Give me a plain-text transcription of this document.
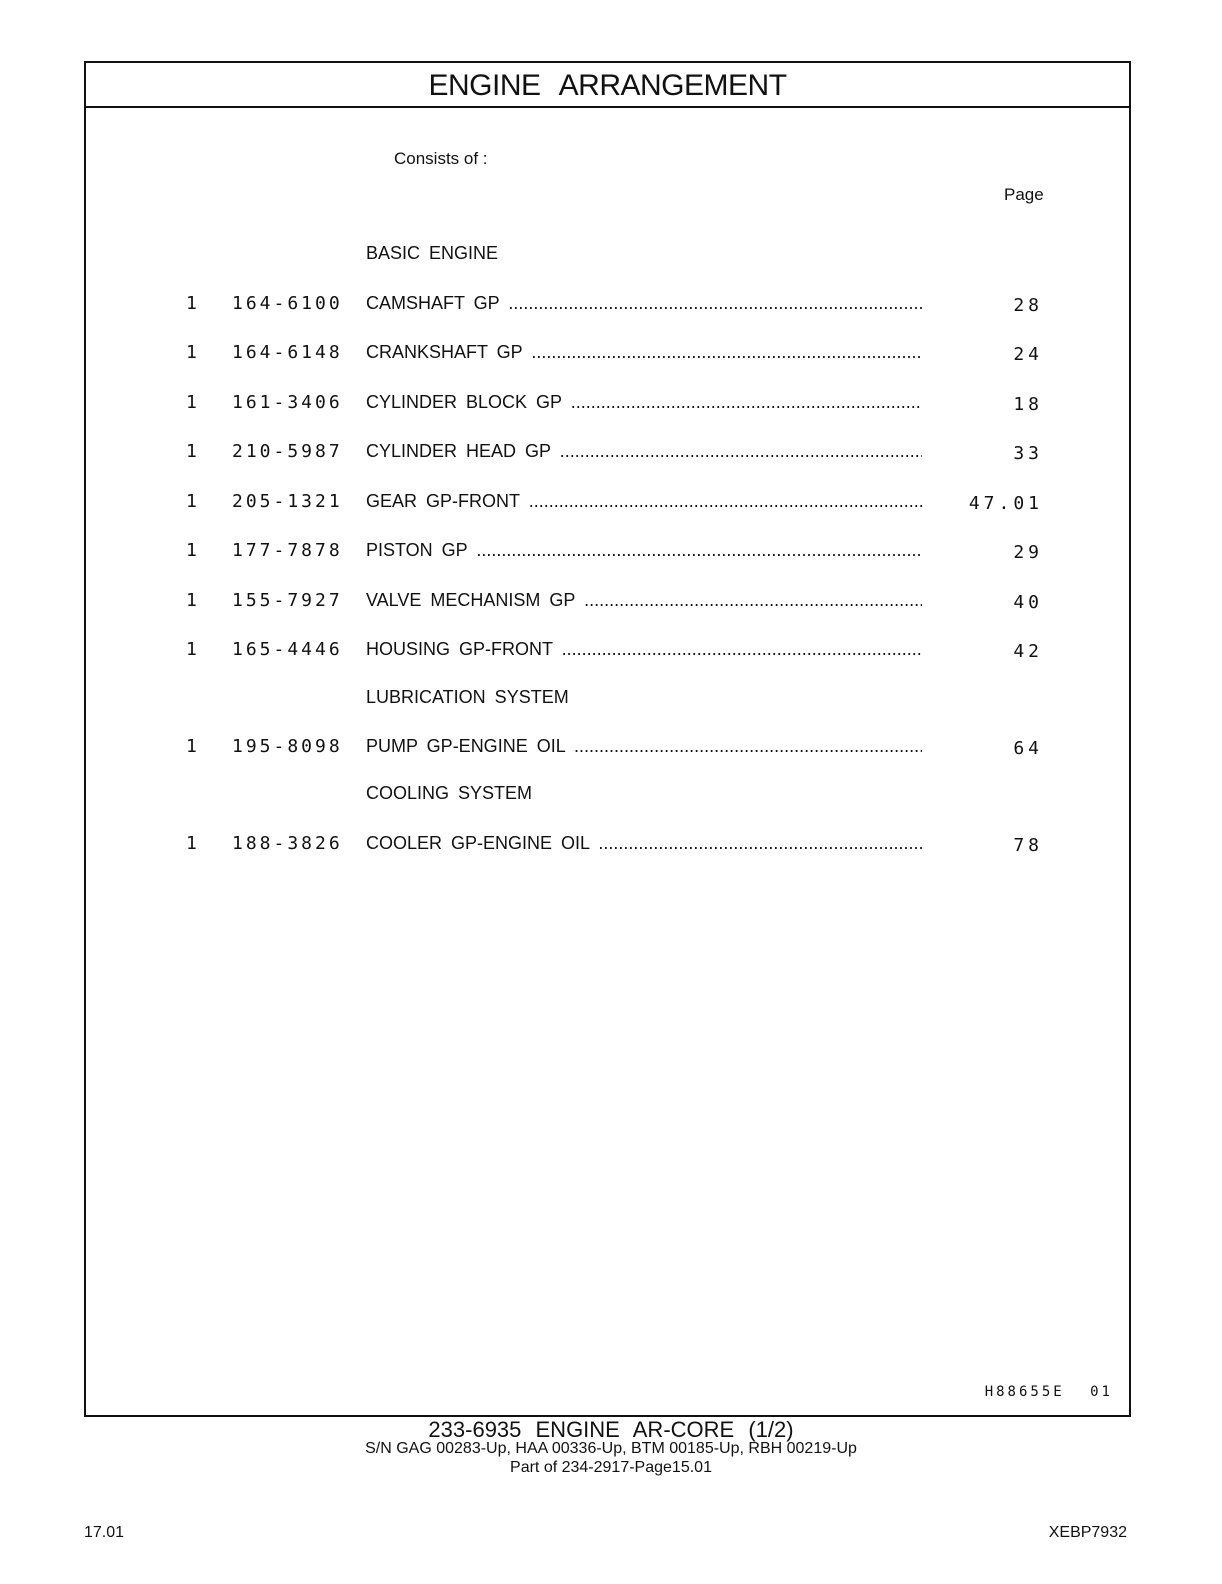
ENGINE ARRANGEMENT
Consists of :
Page
BASIC ENGINE
1 164-6100 CAMSHAFT GP .....	28
1 164-6148 CRANKSHAFT GP .....	24
1 161-3406 CYLINDER BLOCK GP .....	18
1 210-5987 CYLINDER HEAD GP .....	33
1 205-1321 GEAR GP-FRONT .....	47.01
1 177-7878 PISTON GP .....	29
1 155-7927 VALVE MECHANISM GP .....	40
1 165-4446 HOUSING GP-FRONT .....	42
LUBRICATION SYSTEM
1 195-8098 PUMP GP-ENGINE OIL .....	64
COOLING SYSTEM
1 188-3826 COOLER GP-ENGINE OIL .....	78
H88655E 01
233-6935 ENGINE AR-CORE (1/2)
S/N GAG 00283-Up, HAA 00336-Up, BTM 00185-Up, RBH 00219-Up
Part of 234-2917-Page15.01
17.01	XEBP7932
